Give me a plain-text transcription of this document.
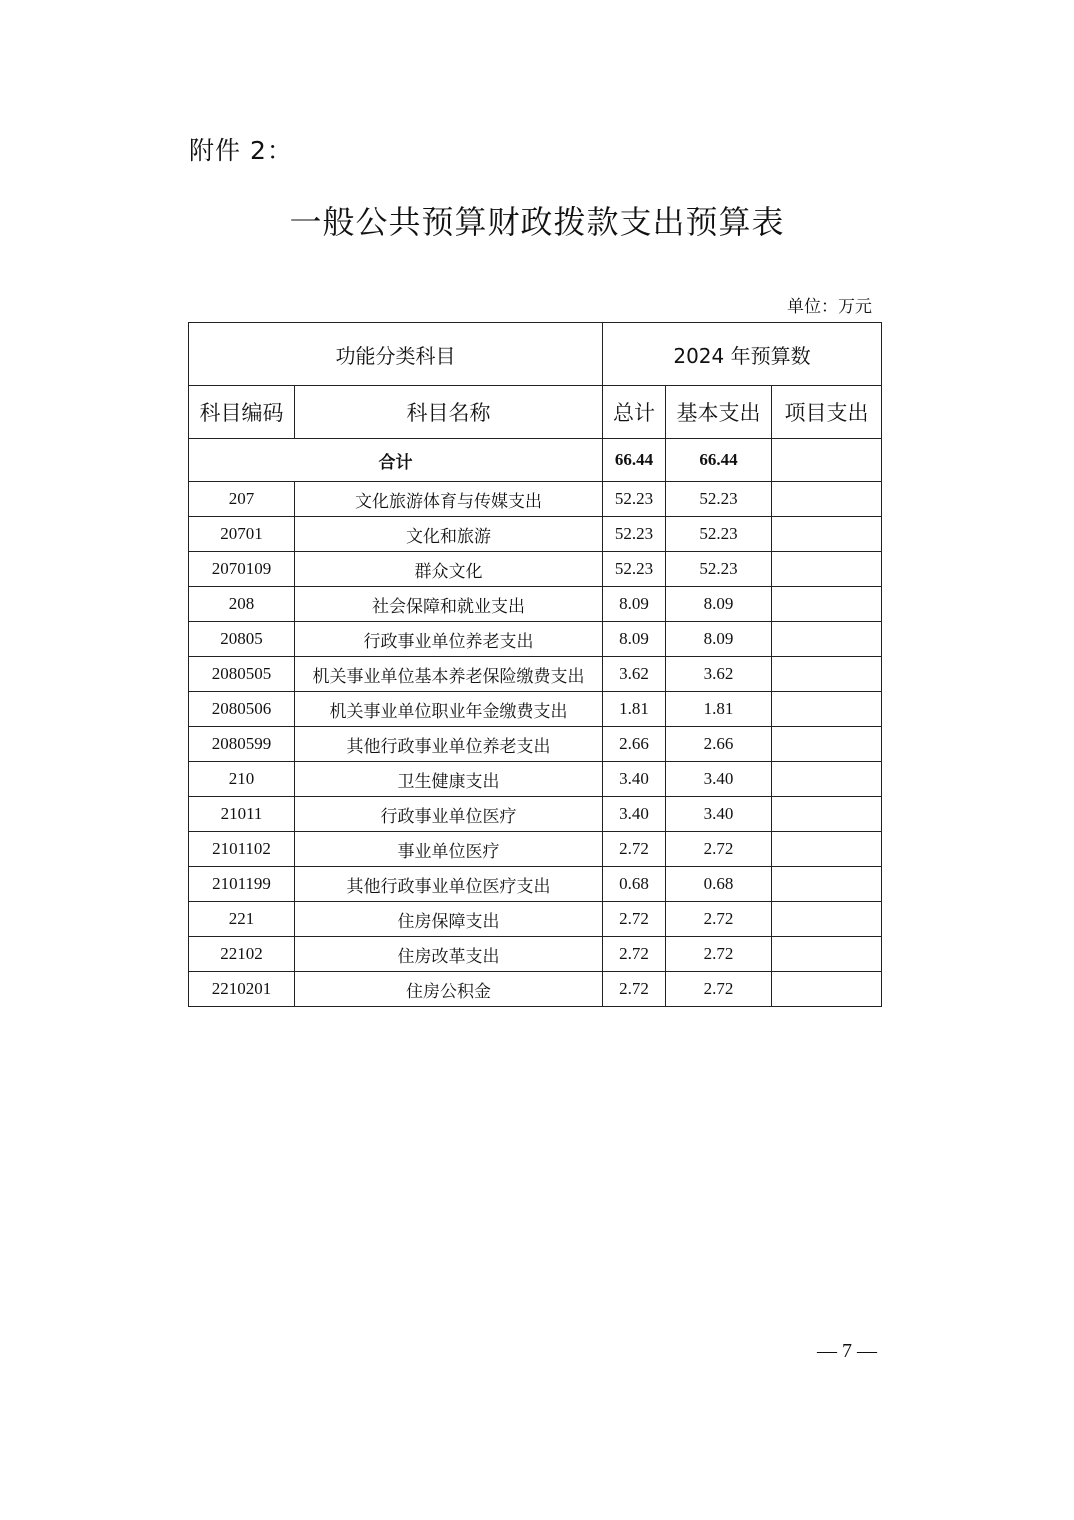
附件 2：
一般公共预算财政拨款支出预算表
单位：万元
功能分类科目		2024 年预算数		
科目编码	科目名称	总计	基本支出	项目支出
合计		66.44	66.44	
207	文化旅游体育与传媒支出	52.23	52.23	
20701	文化和旅游	52.23	52.23	
2070109	群众文化	52.23	52.23	
208	社会保障和就业支出	8.09	8.09	
20805	行政事业单位养老支出	8.09	8.09	
2080505	机关事业单位基本养老保险缴费支出	3.62	3.62	
2080506	机关事业单位职业年金缴费支出	1.81	1.81	
2080599	其他行政事业单位养老支出	2.66	2.66	
210	卫生健康支出	3.40	3.40	
21011	行政事业单位医疗	3.40	3.40	
2101102	事业单位医疗	2.72	2.72	
2101199	其他行政事业单位医疗支出	0.68	0.68	
221	住房保障支出	2.72	2.72	
22102	住房改革支出	2.72	2.72	
2210201	住房公积金	2.72	2.72	
— 7 —
